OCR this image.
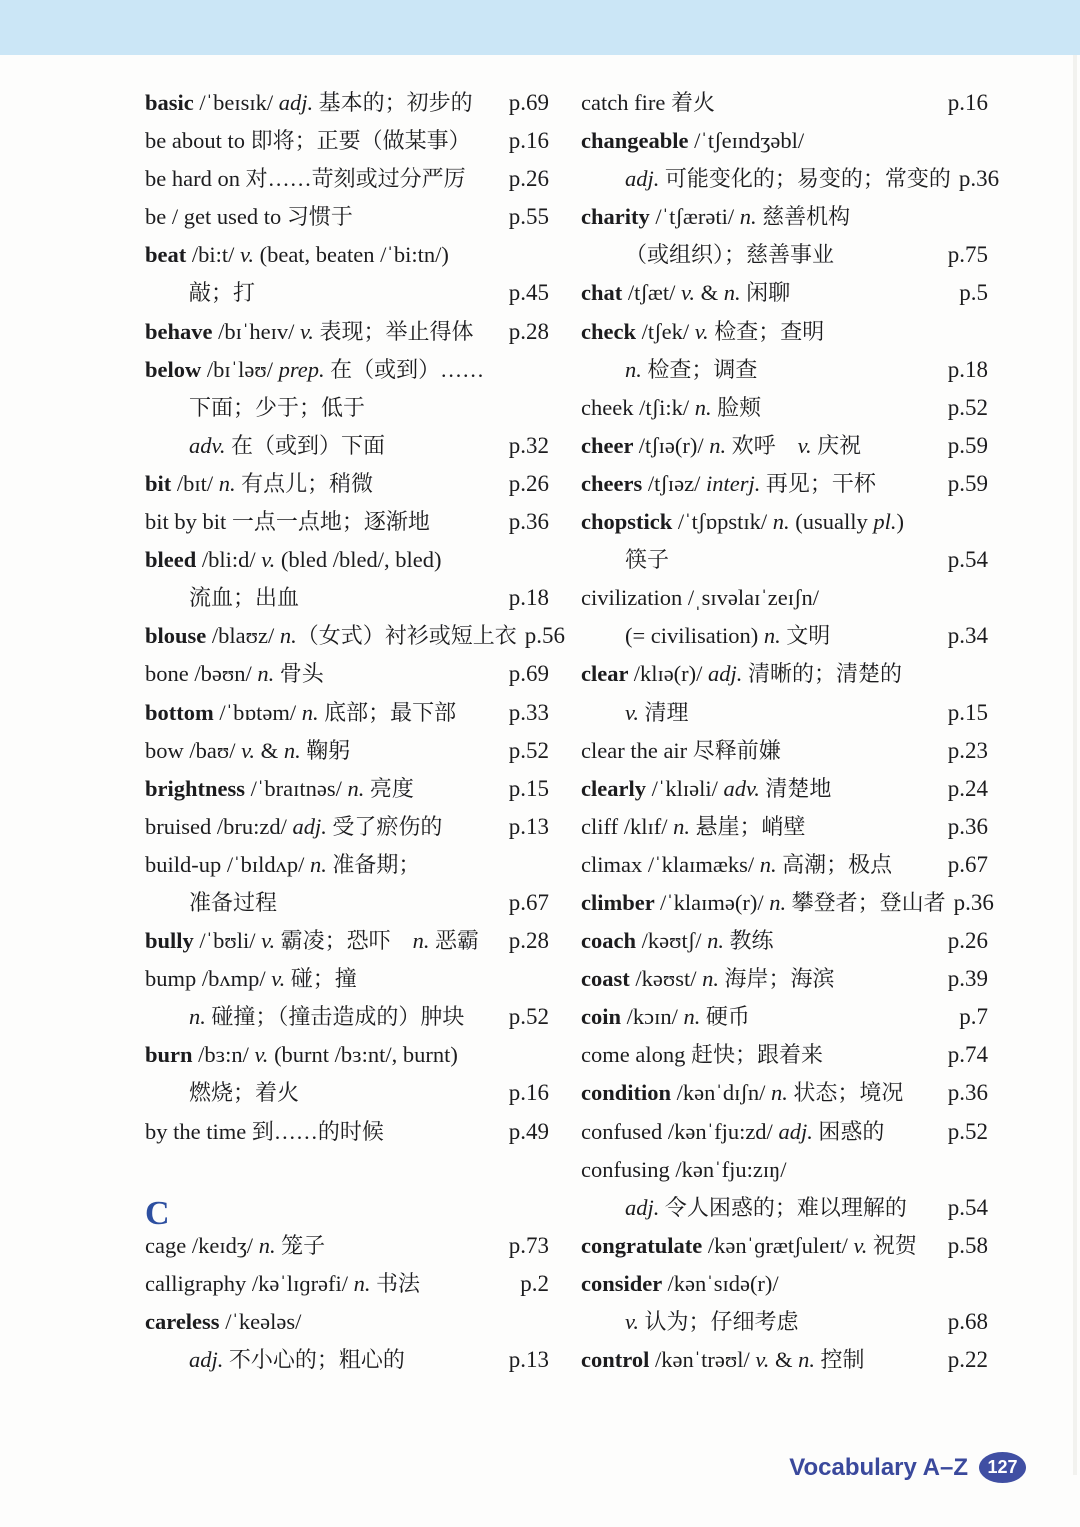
basic /ˈbeɪsɪk/ adj. 基本的；初步的 p.69
be about to 即将；正要（做某事） p.16
be hard on 对……苛刻或过分严厉 p.26
be / get used to 习惯于	p.55
beat /bi:t/ v. (beat, beaten /ˈbi:tn/)
敲；打	p.45
behave /bɪˈheɪv/ v. 表现；举止得体 p.28
below /bɪˈləʊ/ prep. 在（或到）……
下面；少于；低于
adv. 在（或到）下面	p.32
bit /bɪt/ n. 有点儿；稍微	p.26
bit by bit 一点一点地；逐渐地	p.36
bleed /bli:d/ v. (bled /bled/, bled)
流血；出血	p.18
blouse /blaʊz/ n.（女式）衬衫或短上衣 p.56
bone /bəʊn/ n. 骨头	p.69
bottom /ˈbɒtəm/ n. 底部；最下部 p.33
bow /baʊ/ v. & n. 鞠躬	p.52
brightness /ˈbraɪtnəs/ n. 亮度	p.15
bruised /bru:zd/ adj. 受了瘀伤的	p.13
build-up /ˈbɪldʌp/ n. 准备期；
准备过程	p.67
bully /ˈbʊli/ v. 霸凌；恐吓　n. 恶霸 p.28
bump /bʌmp/ v. 碰；撞
n. 碰撞；（撞击造成的）肿块 p.52
burn /bɜ:n/ v. (burnt /bɜ:nt/, burnt)
燃烧；着火	p.16
by the time 到……的时候	p.49
C
cage /keɪdʒ/ n. 笼子	p.73
calligraphy /kəˈlɪɡrəfi/ n. 书法	p.2
careless /ˈkeələs/
adj. 不小心的；粗心的	p.13
catch fire 着火	p.16
changeable /ˈtʃeɪndʒəbl/
adj. 可能变化的；易变的；常变的 p.36
charity /ˈtʃærəti/ n. 慈善机构
（或组织）；慈善事业	p.75
chat /tʃæt/ v. & n. 闲聊	p.5
check /tʃek/ v. 检查；查明
n. 检查；调查	p.18
cheek /tʃi:k/ n. 脸颊	p.52
cheer /tʃɪə(r)/ n. 欢呼　v. 庆祝	p.59
cheers /tʃɪəz/ interj. 再见；干杯	p.59
chopstick /ˈtʃɒpstɪk/ n. (usually pl.)
筷子	p.54
civilization /ˌsɪvəlaɪˈzeɪʃn/
(= civilisation) n. 文明	p.34
clear /klɪə(r)/ adj. 清晰的；清楚的
v. 清理	p.15
clear the air 尽释前嫌	p.23
clearly /ˈklɪəli/ adv. 清楚地	p.24
cliff /klɪf/ n. 悬崖；峭壁	p.36
climax /ˈklaɪmæks/ n. 高潮；极点 p.67
climber /ˈklaɪmə(r)/ n. 攀登者；登山者 p.36
coach /kəʊtʃ/ n. 教练	p.26
coast /kəʊst/ n. 海岸；海滨	p.39
coin /kɔɪn/ n. 硬币	p.7
come along 赶快；跟着来	p.74
condition /kənˈdɪʃn/ n. 状态；境况 p.36
confused /kənˈfju:zd/ adj. 困惑的	p.52
confusing /kənˈfju:zɪŋ/
adj. 令人困惑的；难以理解的 p.54
congratulate /kənˈɡrætʃuleɪt/ v. 祝贺 p.58
consider /kənˈsɪdə(r)/
v. 认为；仔细考虑	p.68
control /kənˈtrəʊl/ v. & n. 控制	p.22
Vocabulary A–Z 127
